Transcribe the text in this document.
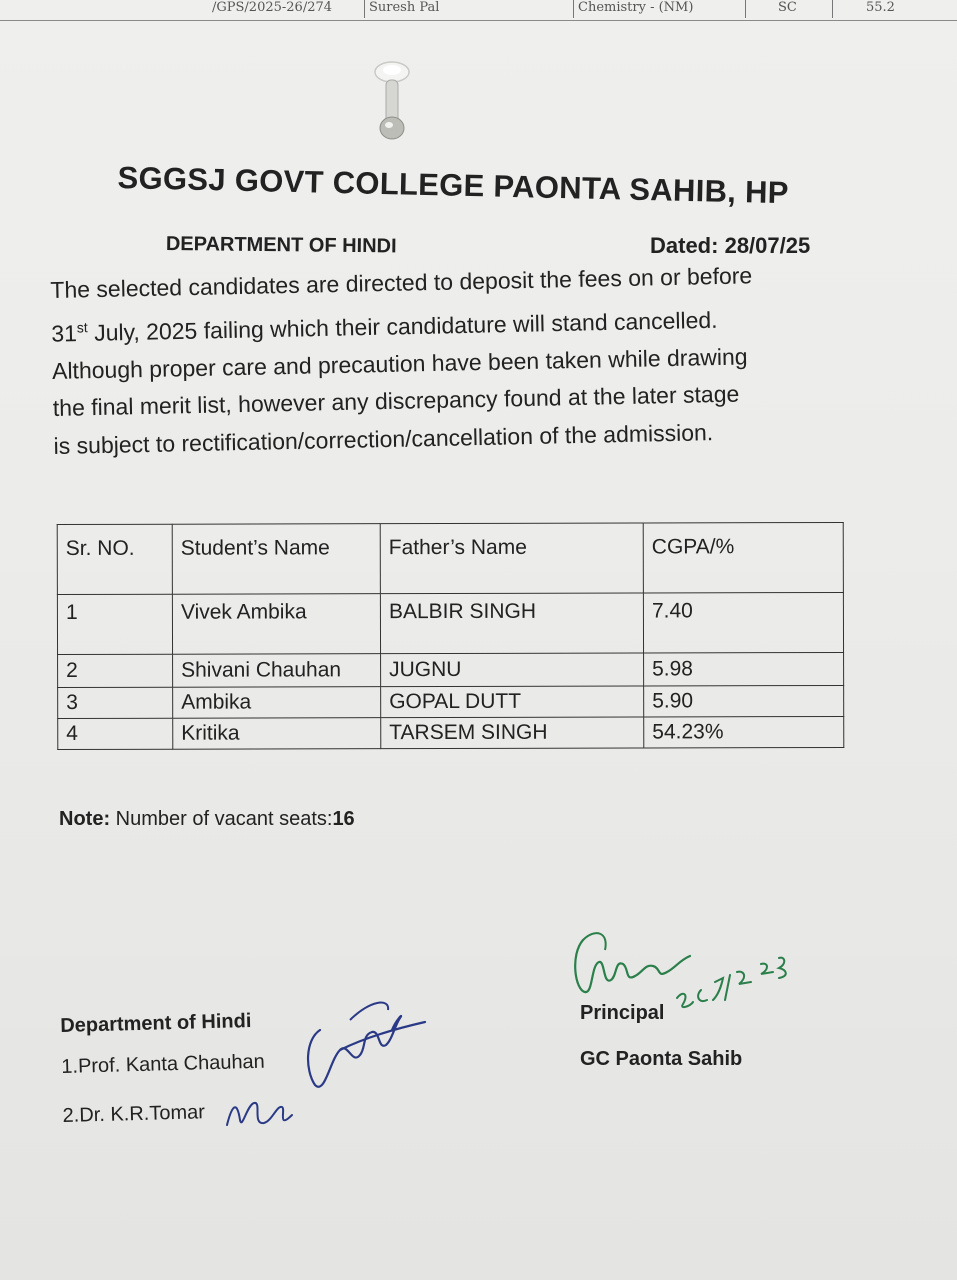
/GPS/2025-26/274	Suresh Pal	Chemistry - (NM)	SC	55.2
SGGSJ GOVT COLLEGE PAONTA SAHIB, HP
DEPARTMENT OF HINDI	Dated: 28/07/25
The selected candidates are directed to deposit the fees on or before
31st July, 2025 failing which their candidature will stand cancelled.
Although proper care and precaution have been taken while drawing
the final merit list, however any discrepancy found at the later stage
is subject to rectification/correction/cancellation of the admission.
Sr. NO.	Student’s Name	Father’s Name	CGPA/%
1	Vivek Ambika	BALBIR SINGH	7.40
2	Shivani Chauhan	JUGNU	5.98
3	Ambika	GOPAL DUTT	5.90
4	Kritika	TARSEM SINGH	54.23%
Note: Number of vacant seats:16
Department of Hindi
1.Prof. Kanta Chauhan
2.Dr. K.R.Tomar
Principal
GC Paonta Sahib
